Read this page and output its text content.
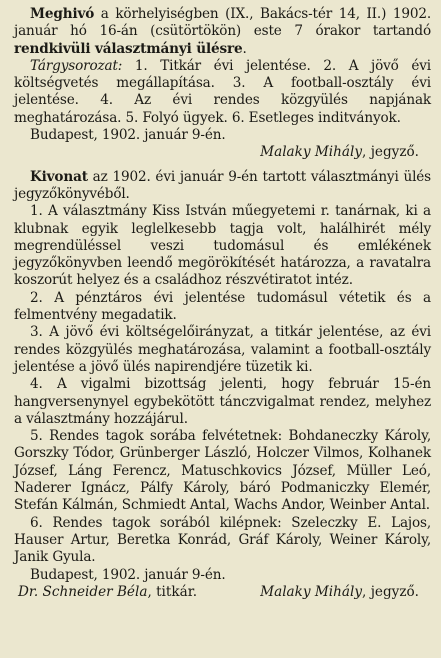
Meghivó a körhelyiségben (IX., Bakács-tér 14, II.) 1902. január hó 16-án (csütörtökön) este 7 órakor tartandó rendkivüli választmányi ülésre.

Tárgysorozat: 1. Titkár évi jelentése. 2. A jövő évi költségvetés megállapítása. 3. A football-osztály évi jelentése. 4. Az évi rendes közgyülés napjának meghatározása. 5. Folyó ügyek. 6. Esetleges inditványok.

Budapest, 1902. január 9-én.

Malaky Mihály, jegyző.

Kivonat az 1902. évi január 9-én tartott választmányi ülés jegyzőkönyvéből.

1. A választmány Kiss István műegyetemi r. tanárnak, ki a klubnak egyik leglelkesebb tagja volt, halálhirét mély megrendüléssel veszi tudomásul és emlékének jegyzőkönyvben leendő megörökítését határozza, a ravatalra koszorút helyez és a családhoz részvétiratot intéz.

2. A pénztáros évi jelentése tudomásul vétetik és a felmentvény megadatik.

3. A jövő évi költségelőirányzat, a titkár jelentése, az évi rendes közgyülés meghatározása, valamint a football-osztály jelentése a jövő ülés napirendjére tüzetik ki.

4. A vigalmi bizottság jelenti, hogy február 15-én hangversenynyel egybekötött tánczvigalmat rendez, melyhez a választmány hozzájárul.

5. Rendes tagok sorába felvétetnek: Bohdaneczky Károly, Gorszky Tódor, Grünberger László, Holczer Vilmos, Kolhanek József, Láng Ferencz, Matuschkovics József, Müller Leó, Naderer Ignácz, Pálfy Károly, báró Podmaniczky Elemér, Stefán Kálmán, Schmiedt Antal, Wachs Andor, Weinber Antal.

6. Rendes tagok sorából kilépnek: Szeleczky E. Lajos, Hauser Artur, Beretka Konrád, Gráf Károly, Weiner Károly, Janik Gyula.

Budapest, 1902. január 9-én.

Dr. Schneider Béla, titkár.	Malaky Mihály, jegyző.
